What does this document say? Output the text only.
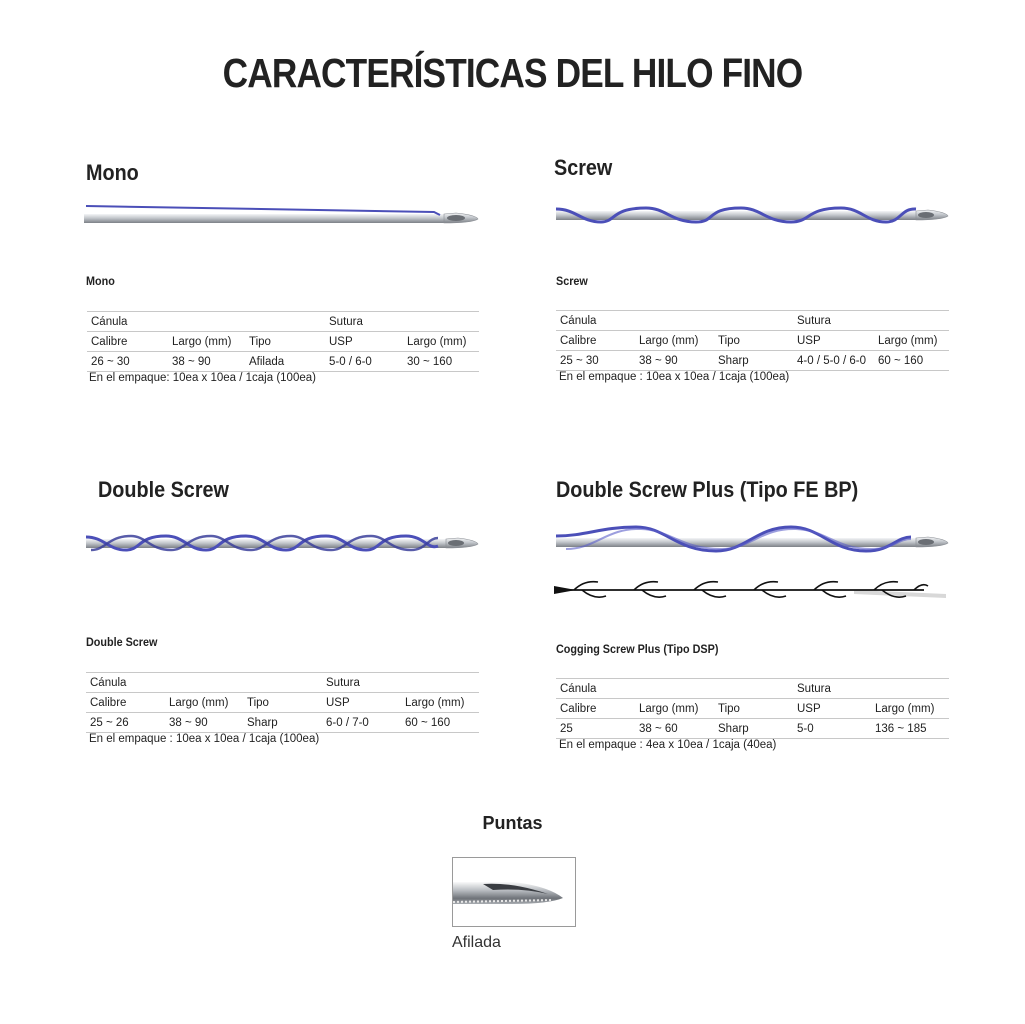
CARACTERÍSTICAS DEL HILO FINO
Mono
Mono
Cánula			Sutura	
Calibre	Largo (mm)	Tipo	USP	Largo (mm)
26 ~ 30	38 ~ 90	Afilada	5-0 / 6-0	30 ~ 160
En el empaque: 10ea x 10ea / 1caja (100ea)
Screw
Screw
Cánula			Sutura	
Calibre	Largo (mm)	Tipo	USP	Largo (mm)
25 ~ 30	38 ~ 90	Sharp	4-0 / 5-0 / 6-0	60 ~ 160
En el empaque : 10ea x 10ea / 1caja (100ea)
Double Screw
Double Screw
Cánula			Sutura	
Calibre	Largo (mm)	Tipo	USP	Largo (mm)
25 ~ 26	38 ~ 90	Sharp	6-0 / 7-0	60 ~ 160
En el empaque : 10ea x 10ea / 1caja (100ea)
Double Screw Plus (Tipo FE BP)
Cogging Screw Plus (Tipo DSP)
Cánula			Sutura	
Calibre	Largo (mm)	Tipo	USP	Largo (mm)
25	38 ~ 60	Sharp	5-0	136 ~ 185
En el empaque : 4ea x 10ea / 1caja (40ea)
Puntas
Afilada
